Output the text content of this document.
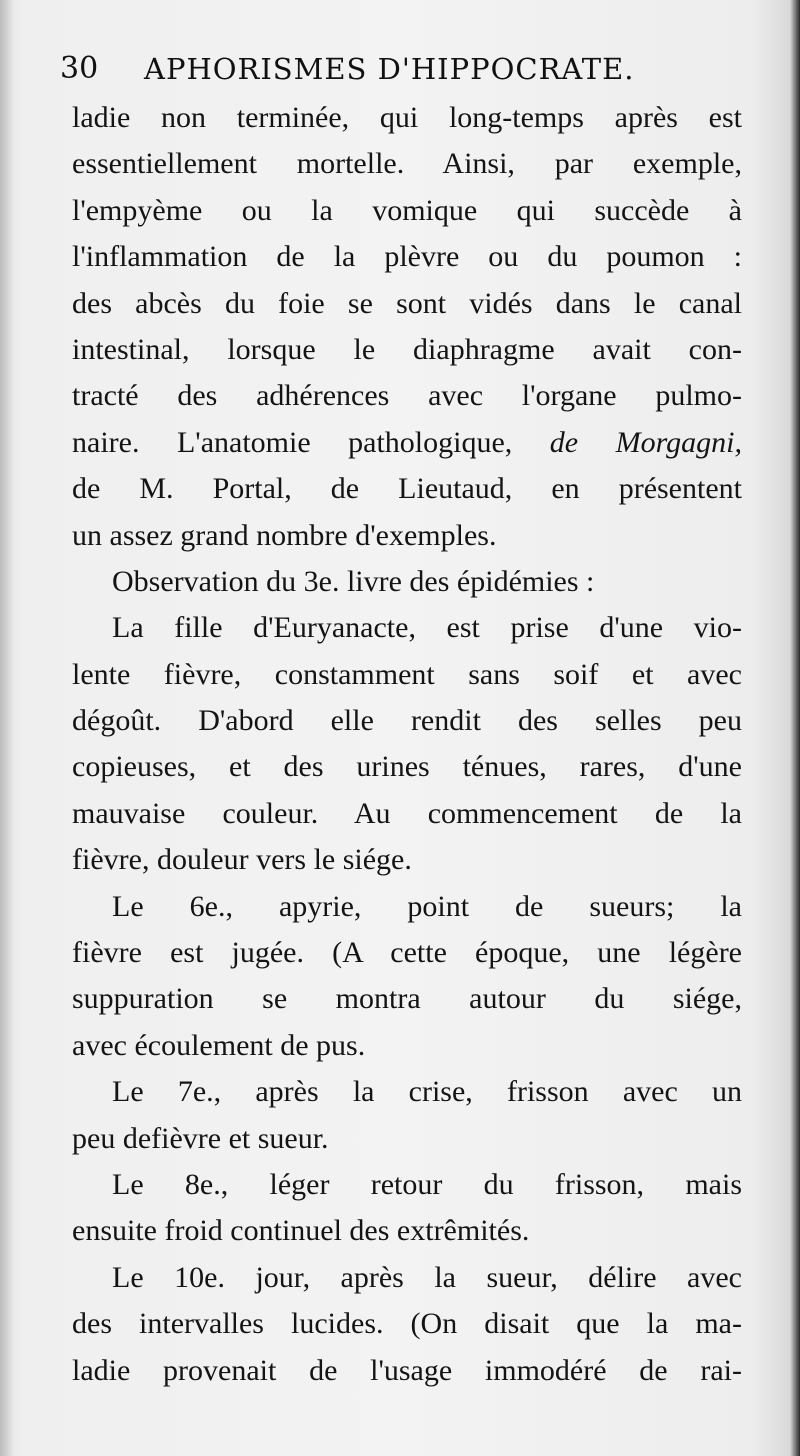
30 APHORISMES D'HIPPOCRATE.
ladie non terminée, qui long-temps après est
essentiellement mortelle. Ainsi, par exemple,
l'empyème ou la vomique qui succède à
l'inflammation de la plèvre ou du poumon :
des abcès du foie se sont vidés dans le canal
intestinal, lorsque le diaphragme avait con-
tracté des adhérences avec l'organe pulmo-
naire. L'anatomie pathologique, de Morgagni,
de M. Portal, de Lieutaud, en présentent
un assez grand nombre d'exemples.
Observation du 3e. livre des épidémies :
La fille d'Euryanacte, est prise d'une vio-
lente fièvre, constamment sans soif et avec
dégoût. D'abord elle rendit des selles peu
copieuses, et des urines ténues, rares, d'une
mauvaise couleur. Au commencement de la
fièvre, douleur vers le siége.
Le 6e., apyrie, point de sueurs; la
fièvre est jugée. (A cette époque, une légère
suppuration se montra autour du siége,
avec écoulement de pus.
Le 7e., après la crise, frisson avec un
peu defièvre et sueur.
Le 8e., léger retour du frisson, mais
ensuite froid continuel des extrêmités.
Le 10e. jour, après la sueur, délire avec
des intervalles lucides. (On disait que la ma-
ladie provenait de l'usage immodéré de rai-
